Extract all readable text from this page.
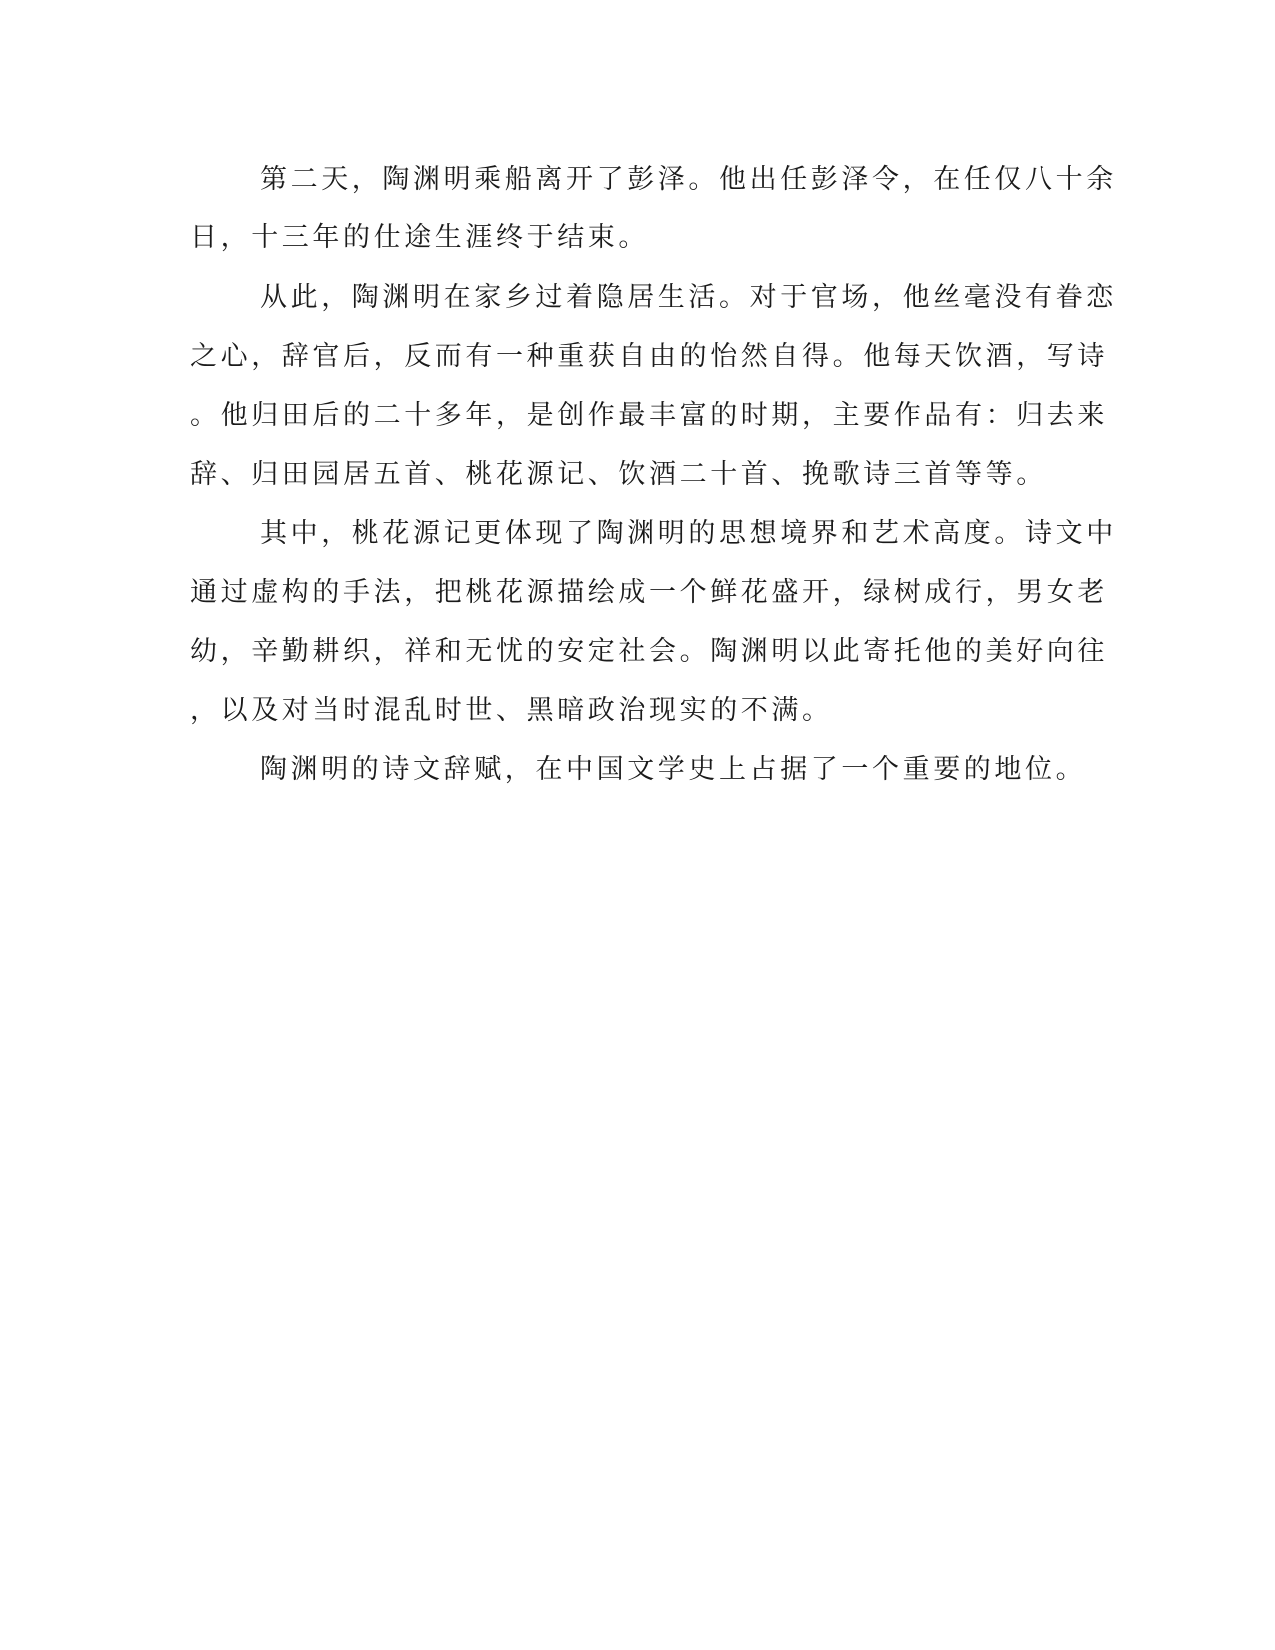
第二天，陶渊明乘船离开了彭泽。他出任彭泽令，在任仅八十余
日，十三年的仕途生涯终于结束。
从此，陶渊明在家乡过着隐居生活。对于官场，他丝毫没有眷恋
之心，辞官后，反而有一种重获自由的怡然自得。他每天饮酒，写诗
。他归田后的二十多年，是创作最丰富的时期，主要作品有：归去来
辞、归田园居五首、桃花源记、饮酒二十首、挽歌诗三首等等。
其中，桃花源记更体现了陶渊明的思想境界和艺术高度。诗文中
通过虚构的手法，把桃花源描绘成一个鲜花盛开，绿树成行，男女老
幼，辛勤耕织，祥和无忧的安定社会。陶渊明以此寄托他的美好向往
，以及对当时混乱时世、黑暗政治现实的不满。
陶渊明的诗文辞赋，在中国文学史上占据了一个重要的地位。
